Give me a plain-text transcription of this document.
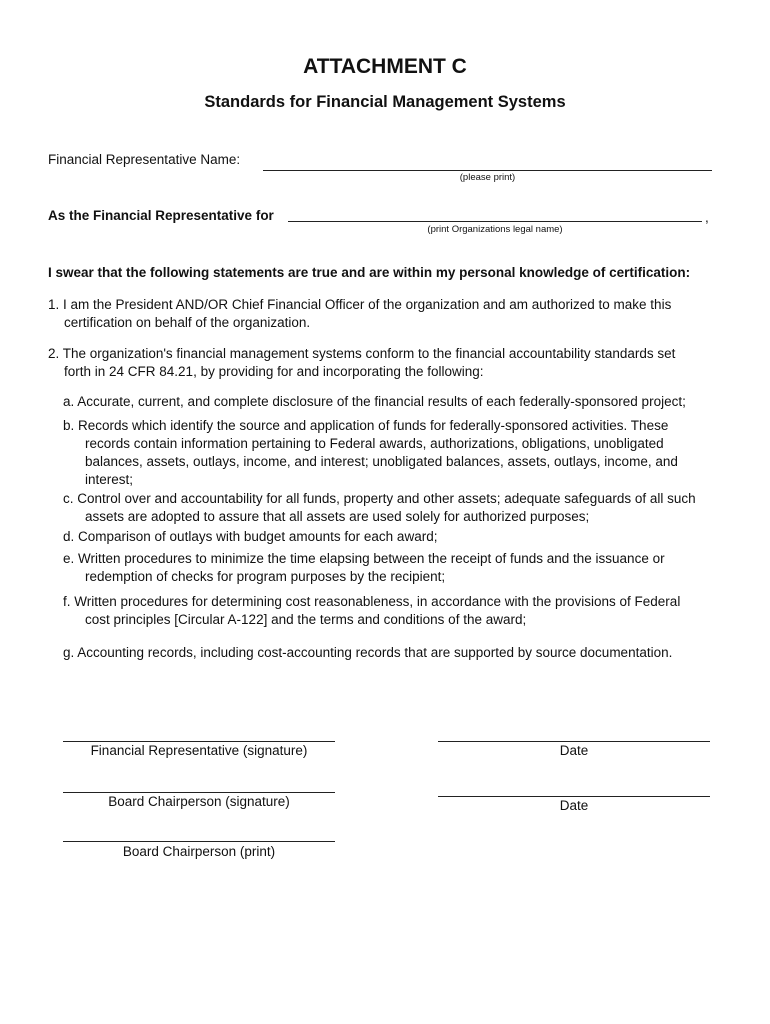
ATTACHMENT C
Standards for Financial Management Systems
Financial Representative Name:
(please print)
As the Financial Representative for	,
(print Organizations legal name)
I swear that the following statements are true and are within my personal knowledge of certification:
1. I am the President AND/OR Chief Financial Officer of the organization and am authorized to make this
certification on behalf of the organization.
2. The organization's financial management systems conform to the financial accountability standards set
forth in 24 CFR 84.21, by providing for and incorporating the following:
a. Accurate, current, and complete disclosure of the financial results of each federally-sponsored project;
b. Records which identify the source and application of funds for federally-sponsored activities. These
records contain information pertaining to Federal awards, authorizations, obligations, unobligated
balances, assets, outlays, income, and interest; unobligated balances, assets, outlays, income, and
interest;
c. Control over and accountability for all funds, property and other assets; adequate safeguards of all such
assets are adopted to assure that all assets are used solely for authorized purposes;
d. Comparison of outlays with budget amounts for each award;
e. Written procedures to minimize the time elapsing between the receipt of funds and the issuance or
redemption of checks for program purposes by the recipient;
f. Written procedures for determining cost reasonableness, in accordance with the provisions of Federal
cost principles [Circular A-122] and the terms and conditions of the award;
g. Accounting records, including cost-accounting records that are supported by source documentation.
Financial Representative (signature)	Date
Board Chairperson (signature)	Date
Board Chairperson (print)
